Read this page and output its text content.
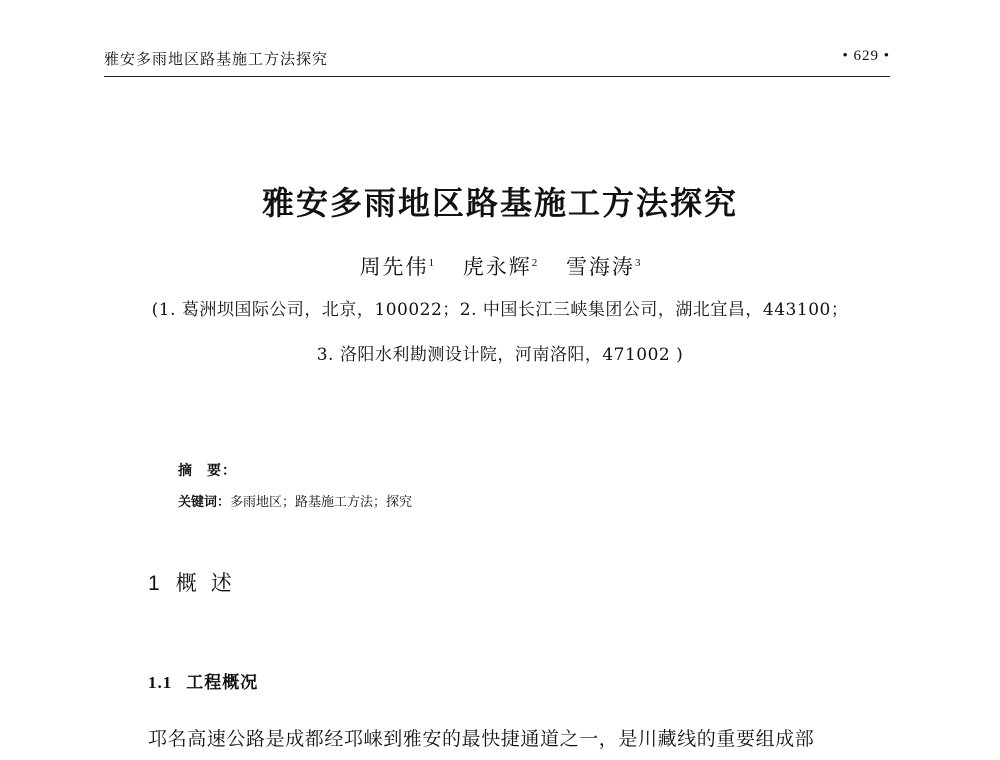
雅安多雨地区路基施工方法探究	• 629 •
雅安多雨地区路基施工方法探究
周先伟$^1$ 虎永辉$^2$ 雪海涛$^3$
(1. 葛洲坝国际公司，北京，100022；2. 中国长江三峡集团公司，湖北宜昌，443100；
3. 洛阳水利勘测设计院，河南洛阳，471002 )
摘 要：
关键词：多雨地区；路基施工方法；探究
1 概 述
1.1 工程概况
邛名高速公路是成都经邛崃到雅安的最快捷通道之一，是川藏线的重要组成部
